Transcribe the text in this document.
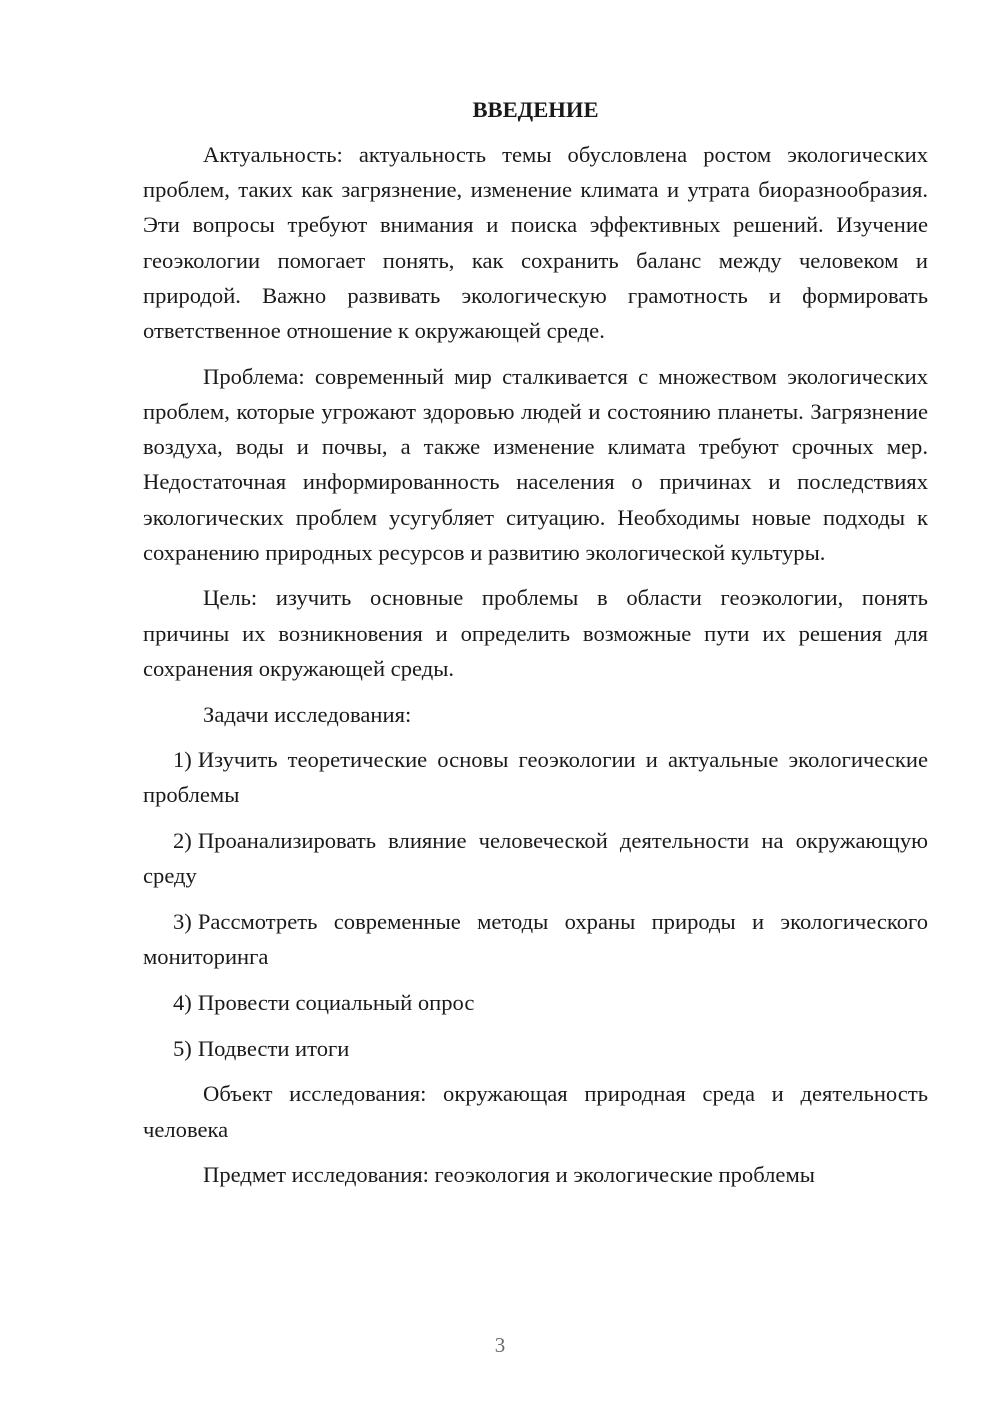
ВВЕДЕНИЕ

Актуальность: актуальность темы обусловлена ростом экологических проблем, таких как загрязнение, изменение климата и утрата биоразнообразия. Эти вопросы требуют внимания и поиска эффективных решений. Изучение геоэкологии помогает понять, как сохранить баланс между человеком и природой. Важно развивать экологическую грамотность и формировать ответственное отношение к окружающей среде.

Проблема: современный мир сталкивается с множеством экологических проблем, которые угрожают здоровью людей и состоянию планеты. Загрязнение воздуха, воды и почвы, а также изменение климата требуют срочных мер. Недостаточная информированность населения о причинах и последствиях экологических проблем усугубляет ситуацию. Необходимы новые подходы к сохранению природных ресурсов и развитию экологической культуры.

Цель: изучить основные проблемы в области геоэкологии, понять причины их возникновения и определить возможные пути их решения для сохранения окружающей среды.

Задачи исследования:

1) Изучить теоретические основы геоэкологии и актуальные экологические проблемы

2) Проанализировать влияние человеческой деятельности на окружающую среду

3) Рассмотреть современные методы охраны природы и экологического мониторинга

4) Провести социальный опрос

5) Подвести итоги

Объект исследования: окружающая природная среда и деятельность человека

Предмет исследования: геоэкология и экологические проблемы

3
